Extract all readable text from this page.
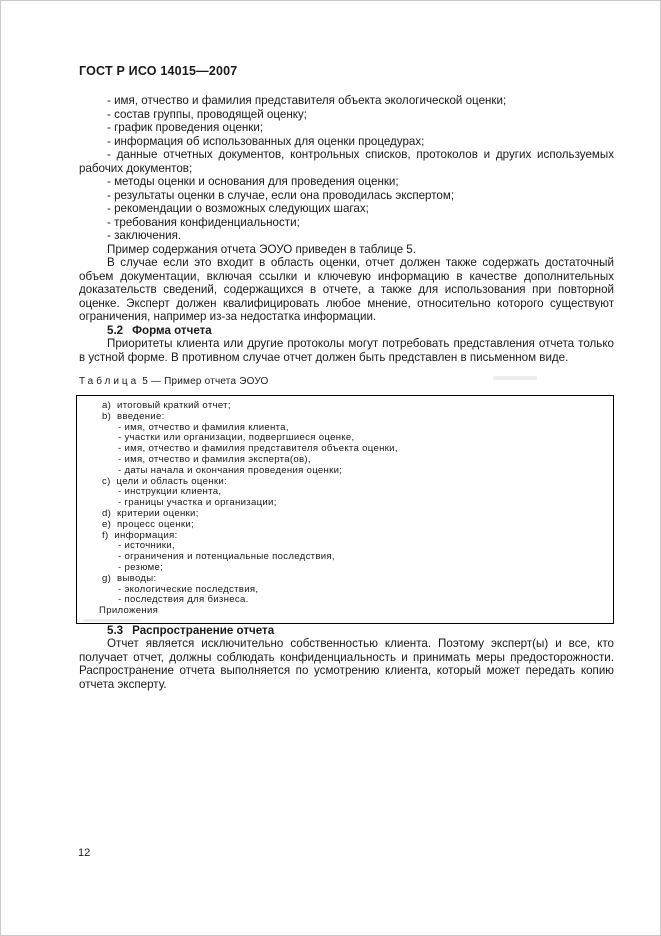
ГОСТ Р ИСО 14015—2007

- имя, отчество и фамилия представителя объекта экологической оценки;

- состав группы, проводящей оценку;

- график проведения оценки;

- информация об использованных для оценки процедурах;

- данные отчетных документов, контрольных списков, протоколов и других используемых рабочих документов;

- методы оценки и основания для проведения оценки;

- результаты оценки в случае, если она проводилась экспертом;

- рекомендации о возможных следующих шагах;

- требования конфиденциальности;

- заключения.

Пример содержания отчета ЭОУО приведен в таблице 5.

В случае если это входит в область оценки, отчет должен также содержать достаточный объем документации, включая ссылки и ключевую информацию в качестве дополнительных доказательств сведений, содержащихся в отчете, а также для использования при повторной оценке. Эксперт должен квалифицировать любое мнение, относительно которого существуют ограничения, например из-за недостатка информации.

5.2 Форма отчета

Приоритеты клиента или другие протоколы могут потребовать представления отчета только в устной форме. В противном случае отчет должен быть представлен в письменном виде.

Таблица 5 — Пример отчета ЭОУО
a)  итоговый краткий отчет;
b)  введение:
- имя, отчество и фамилия клиента,
- участки или организации, подвергшиеся оценке,
- имя, отчество и фамилия представителя объекта оценки,
- имя, отчество и фамилия эксперта(ов),
- даты начала и окончания проведения оценки;
c)  цели и область оценки:
- инструкции клиента,
- границы участка и организации;
d)  критерии оценки;
e)  процесс оценки;
f)  информация:
- источники,
- ограничения и потенциальные последствия,
- резюме;
g)  выводы:
- экологические последствия,
- последствия для бизнеса.
Приложения

5.3 Распространение отчета

Отчет является исключительно собственностью клиента. Поэтому эксперт(ы) и все, кто получает отчет, должны соблюдать конфиденциальность и принимать меры предосторожности. Распространение отчета выполняется по усмотрению клиента, который может передать копию отчета эксперту.

12
